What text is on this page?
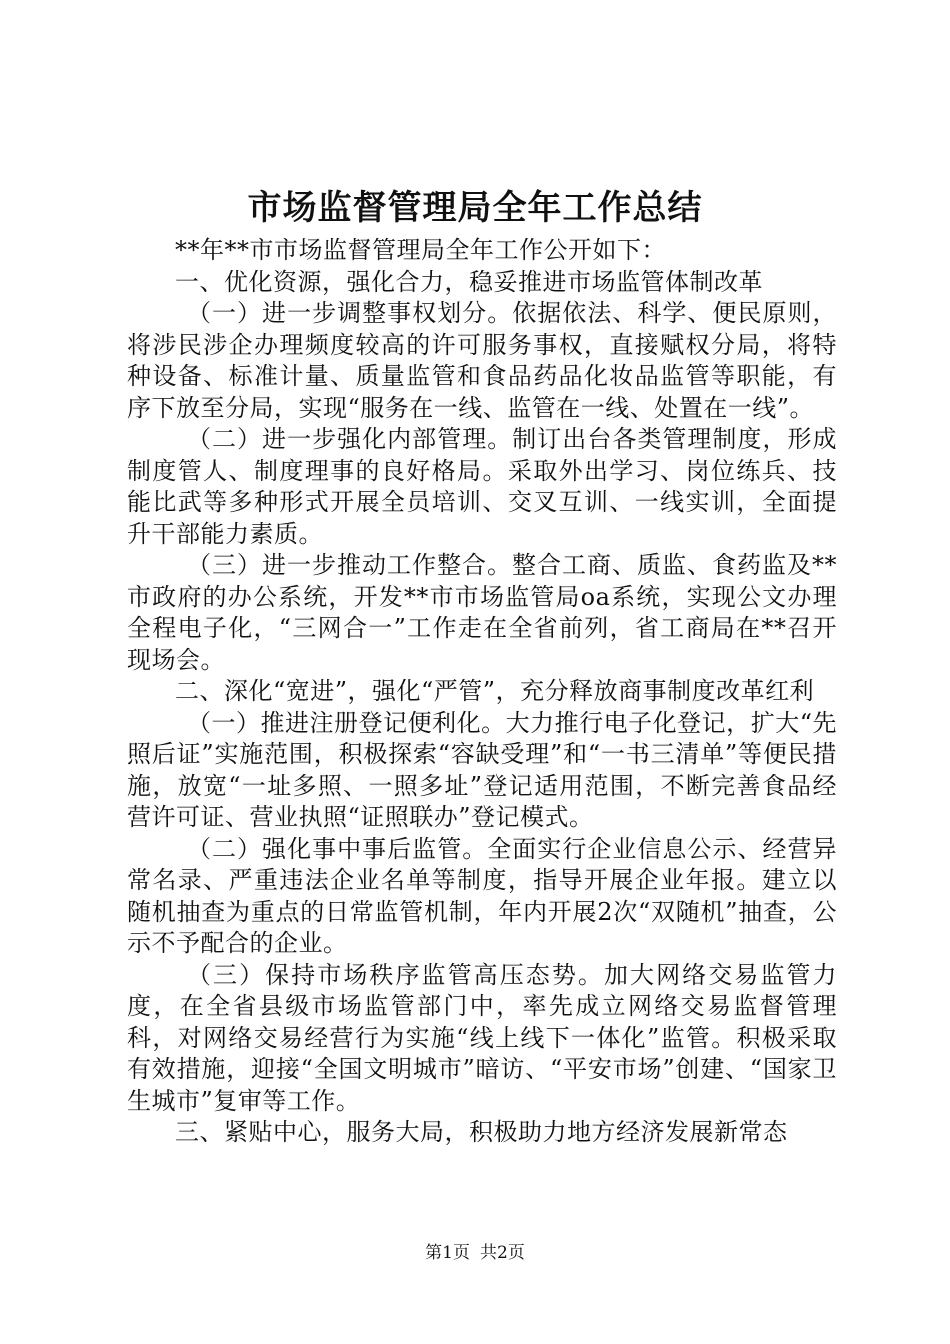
市场监督管理局全年工作总结

**年**市市场监督管理局全年工作公开如下：

一、优化资源，强化合力，稳妥推进市场监管体制改革

（一）进一步调整事权划分。依据依法、科学、便民原则，将涉民涉企办理频度较高的许可服务事权，直接赋权分局，将特种设备、标准计量、质量监管和食品药品化妆品监管等职能，有序下放至分局，实现“服务在一线、监管在一线、处置在一线”。

（二）进一步强化内部管理。制订出台各类管理制度，形成制度管人、制度理事的良好格局。采取外出学习、岗位练兵、技能比武等多种形式开展全员培训、交叉互训、一线实训，全面提升干部能力素质。

（三）进一步推动工作整合。整合工商、质监、食药监及**市政府的办公系统，开发**市市场监管局oa系统，实现公文办理全程电子化，“三网合一”工作走在全省前列，省工商局在**召开现场会。

二、深化“宽进”，强化“严管”，充分释放商事制度改革红利

（一）推进注册登记便利化。大力推行电子化登记，扩大“先照后证”实施范围，积极探索“容缺受理”和“一书三清单”等便民措施，放宽“一址多照、一照多址”登记适用范围，不断完善食品经营许可证、营业执照“证照联办”登记模式。

（二）强化事中事后监管。全面实行企业信息公示、经营异常名录、严重违法企业名单等制度，指导开展企业年报。建立以随机抽查为重点的日常监管机制，年内开展2次“双随机”抽查，公示不予配合的企业。

（三）保持市场秩序监管高压态势。加大网络交易监管力度，在全省县级市场监管部门中，率先成立网络交易监督管理科，对网络交易经营行为实施“线上线下一体化”监管。积极采取有效措施，迎接“全国文明城市”暗访、“平安市场”创建、“国家卫生城市”复审等工作。

三、紧贴中心，服务大局，积极助力地方经济发展新常态

第1页 共2页
